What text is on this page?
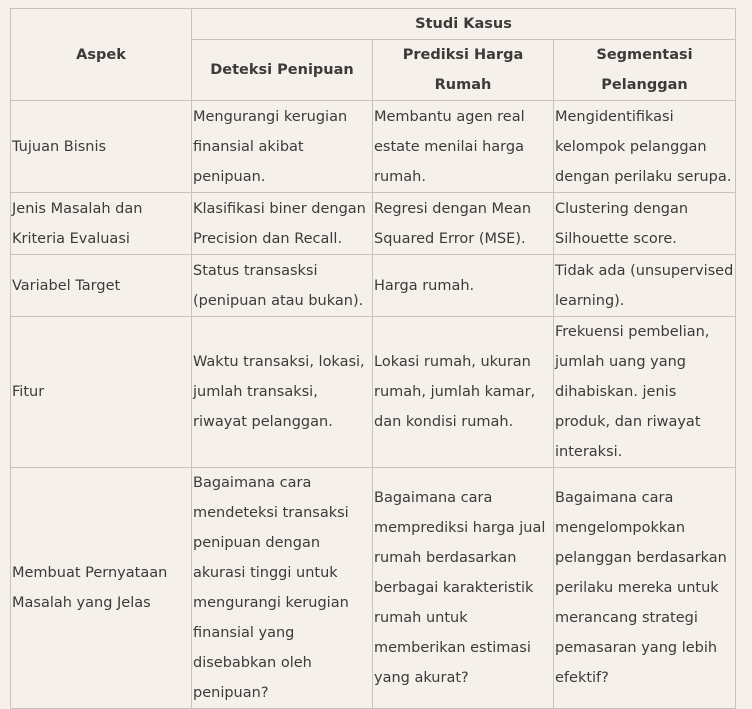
Aspek	Studi Kasus		
	Deteksi Penipuan	Prediksi Harga Rumah	Segmentasi Pelanggan
Tujuan Bisnis	Mengurangi kerugian finansial akibat penipuan.	Membantu agen real estate menilai harga rumah.	Mengidentifikasi kelompok pelanggan dengan perilaku serupa.
Jenis Masalah dan Kriteria Evaluasi	Klasifikasi biner dengan Precision dan Recall.	Regresi dengan Mean Squared Error (MSE).	Clustering dengan Silhouette score.
Variabel Target	Status transasksi (penipuan atau bukan).	Harga rumah.	Tidak ada (unsupervised learning).
Fitur	Waktu transaksi, lokasi, jumlah transaksi, riwayat pelanggan.	Lokasi rumah, ukuran rumah, jumlah kamar, dan kondisi rumah.	Frekuensi pembelian, jumlah uang yang dihabiskan. jenis produk, dan riwayat interaksi.
Membuat Pernyataan Masalah yang Jelas	Bagaimana cara mendeteksi transaksi penipuan dengan akurasi tinggi untuk mengurangi kerugian finansial yang disebabkan oleh penipuan?	Bagaimana cara memprediksi harga jual rumah berdasarkan berbagai karakteristik rumah untuk memberikan estimasi yang akurat?	Bagaimana cara mengelompokkan pelanggan berdasarkan perilaku mereka untuk merancang strategi pemasaran yang lebih efektif?
